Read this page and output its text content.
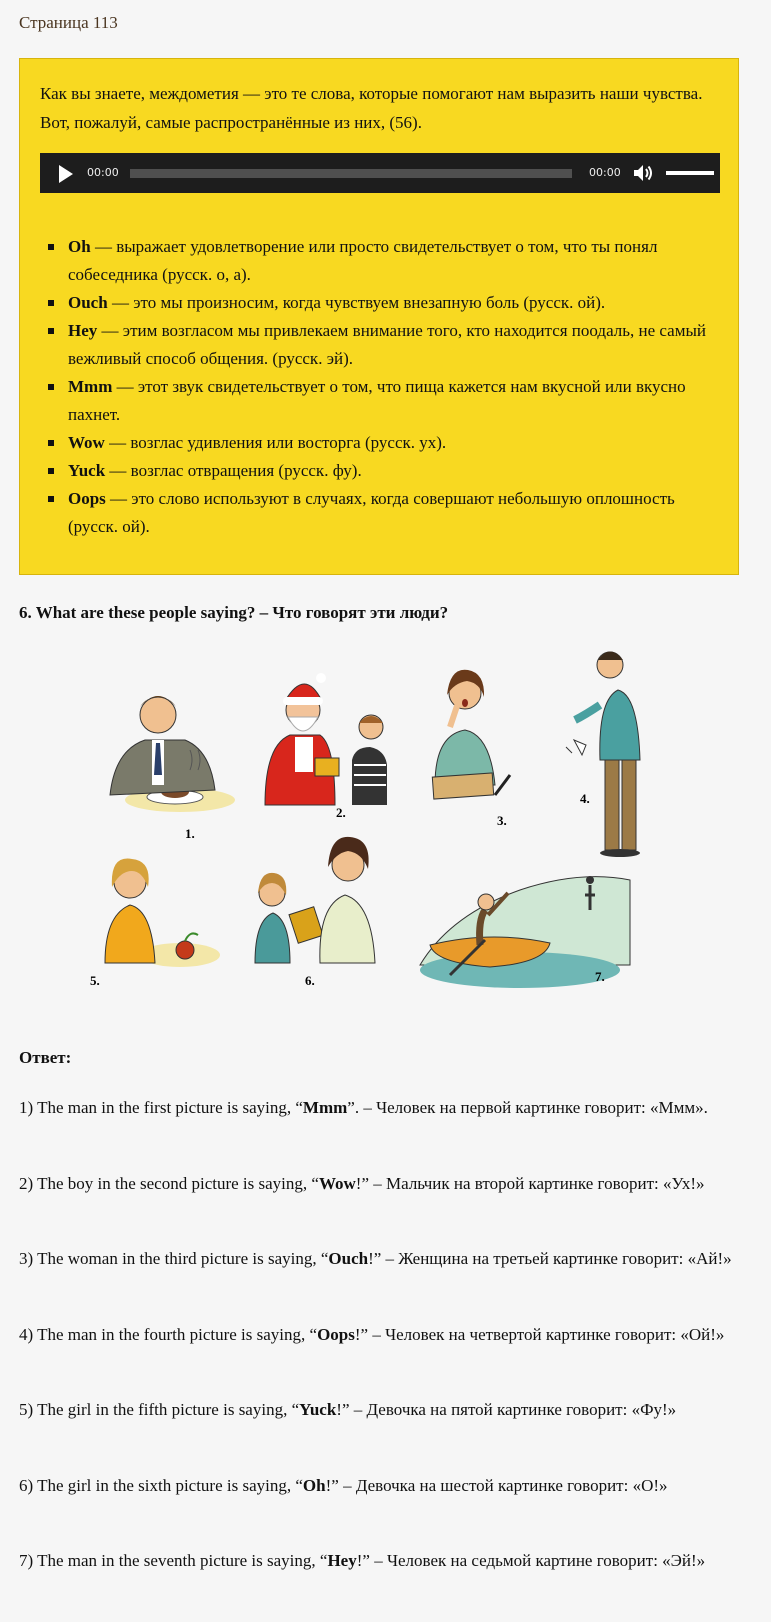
Страница 113
Как вы знаете, междометия — это те слова, которые помогают нам выразить наши чувства. Вот, пожалуй, самые распространённые из них, (56).
00:00	00:00
Oh — выражает удовлетворение или просто свидетельствует о том, что ты понял собеседника (русск. о, а).
Ouch — это мы произносим, когда чувствуем внезапную боль (русск. ой).
Hey — этим возгласом мы привлекаем внимание того, кто находится поодаль, не самый вежливый способ общения. (русск. эй).
Mmm — этот звук свидетельствует о том, что пища кажется нам вкусной или вкусно пахнет.
Wow — возглас удивления или восторга (русск. ух).
Yuck — возглас отвращения (русск. фу).
Oops — это слово используют в случаях, когда совершают небольшую оплошность (русск. ой).
6. What are these people saying? – Что говорят эти люди?
1.
2.
3.
4.
5.	6.	7.
Ответ:
1) The man in the first picture is saying, “Mmm”. – Человек на первой картинке говорит: «Ммм».
2) The boy in the second picture is saying, “Wow!” – Мальчик на второй картинке говорит: «Ух!»
3) The woman in the third picture is saying, “Ouch!” – Женщина на третьей картинке говорит: «Ай!»
4) The man in the fourth picture is saying, “Oops!” – Человек на четвертой картинке говорит: «Ой!»
5) The girl in the fifth picture is saying, “Yuck!” – Девочка на пятой картинке говорит: «Фу!»
6) The girl in the sixth picture is saying, “Oh!” – Девочка на шестой картинке говорит: «О!»
7) The man in the seventh picture is saying, “Hey!” – Человек на седьмой картине говорит: «Эй!»
